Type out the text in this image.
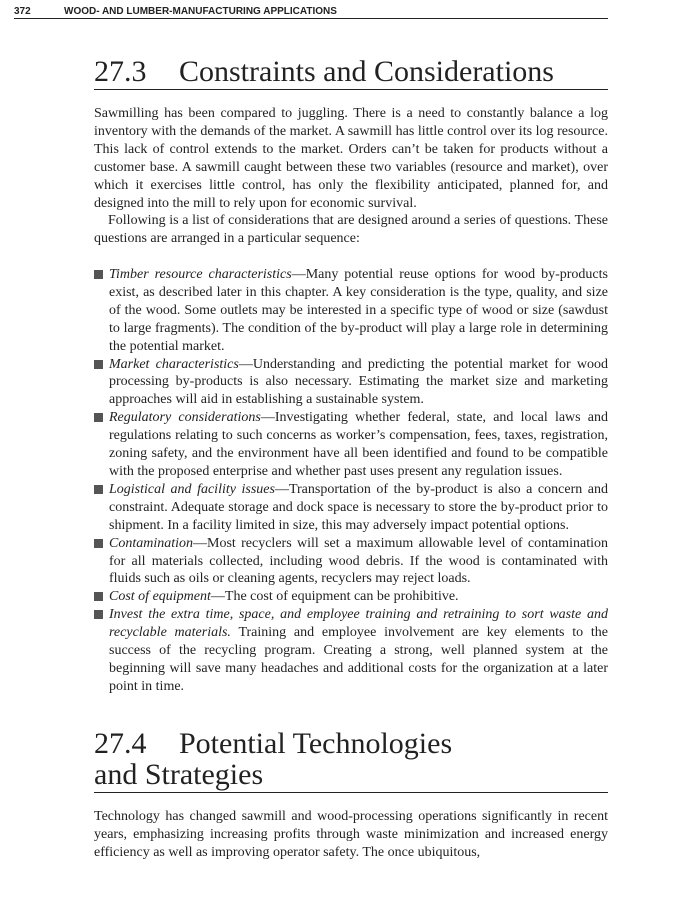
372	WOOD- AND LUMBER-MANUFACTURING APPLICATIONS
27.3 Constraints and Considerations

Sawmilling has been compared to juggling. There is a need to constantly balance a log inventory with the demands of the market. A sawmill has little control over its log resource. This lack of control extends to the market. Orders can’t be taken for products without a customer base. A sawmill caught between these two variables (resource and market), over which it exercises little control, has only the flexibility anticipated, planned for, and designed into the mill to rely upon for economic survival.

Following is a list of considerations that are designed around a series of questions. These questions are arranged in a particular sequence:

Timber resource characteristics—Many potential reuse options for wood by-products exist, as described later in this chapter. A key consideration is the type, quality, and size of the wood. Some outlets may be interested in a specific type of wood or size (sawdust to large fragments). The condition of the by-product will play a large role in determining the potential market.
Market characteristics—Understanding and predicting the potential market for wood processing by-products is also necessary. Estimating the market size and marketing approaches will aid in establishing a sustainable system.
Regulatory considerations—Investigating whether federal, state, and local laws and regulations relating to such concerns as worker’s compensation, fees, taxes, registration, zoning safety, and the environment have all been identified and found to be compatible with the proposed enterprise and whether past uses present any regulation issues.
Logistical and facility issues—Transportation of the by-product is also a concern and constraint. Adequate storage and dock space is necessary to store the by-product prior to shipment. In a facility limited in size, this may adversely impact potential options.
Contamination—Most recyclers will set a maximum allowable level of contamination for all materials collected, including wood debris. If the wood is contaminated with fluids such as oils or cleaning agents, recyclers may reject loads.
Cost of equipment—The cost of equipment can be prohibitive.
Invest the extra time, space, and employee training and retraining to sort waste and recyclable materials. Training and employee involvement are key elements to the success of the recycling program. Creating a strong, well planned system at the beginning will save many headaches and additional costs for the organization at a later point in time.
27.4 Potential Technologies
and Strategies

Technology has changed sawmill and wood-processing operations significantly in recent years, emphasizing increasing profits through waste minimization and increased energy efficiency as well as improving operator safety. The once ubiquitous,
